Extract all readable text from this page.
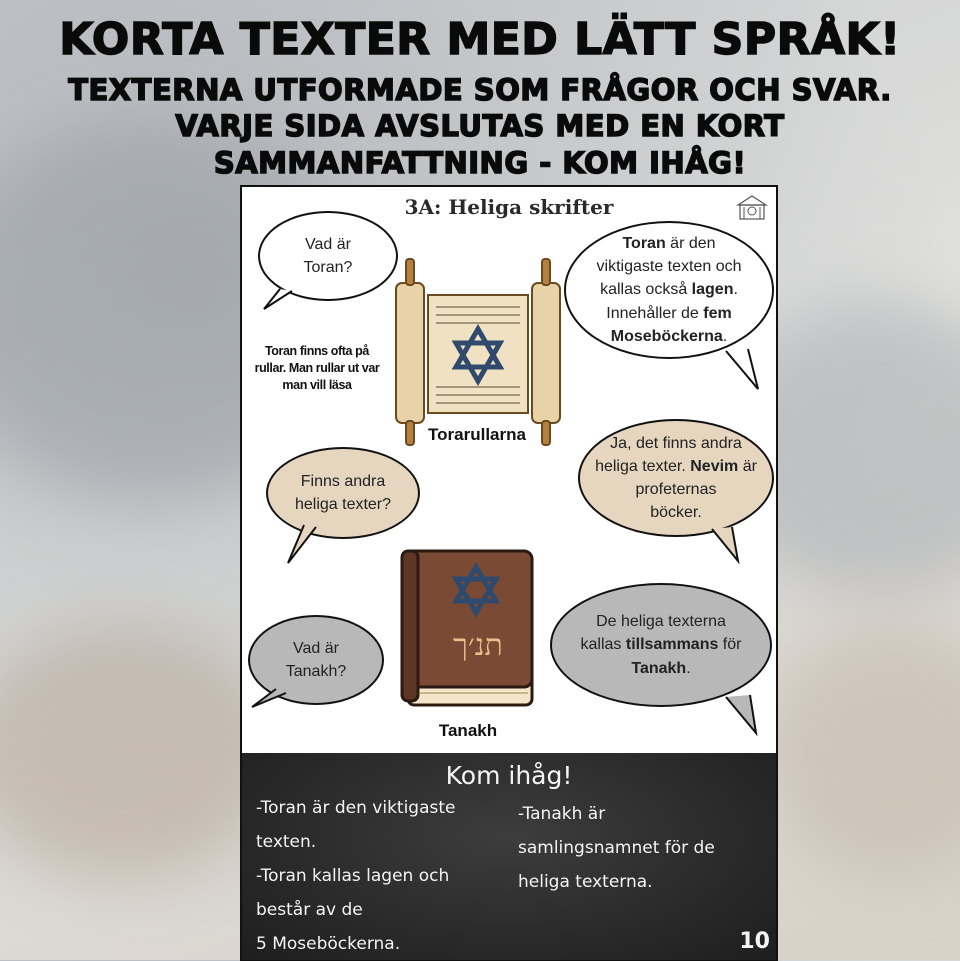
KORTA TEXTER MED LÄTT SPRÅK!
TEXTERNA UTFORMADE SOM FRÅGOR OCH SVAR.
VARJE SIDA AVSLUTAS MED EN KORT
SAMMANFATTNING - KOM IHÅG!
3A: Heliga skrifter
Vad är
Toran?
Toran är den
viktigaste texten och
kallas också lagen.
Innehåller de fem
Moseböckerna.
Toran finns ofta på
rullar. Man rullar ut var
man vill läsa
Torarullarna
Finns andra
heliga texter?
Ja, det finns andra
heliga texter. Nevim är
profeternas
böcker.
תנ׳ך
Tanakh
Vad är
Tanakh?
De heliga texterna
kallas tillsammans för
Tanakh.
Kom ihåg!
-Toran är den viktigaste
texten.
-Toran kallas lagen och
består av de
5 Moseböckerna.
-Tanakh är
samlingsnamnet för de
heliga texterna.
10
